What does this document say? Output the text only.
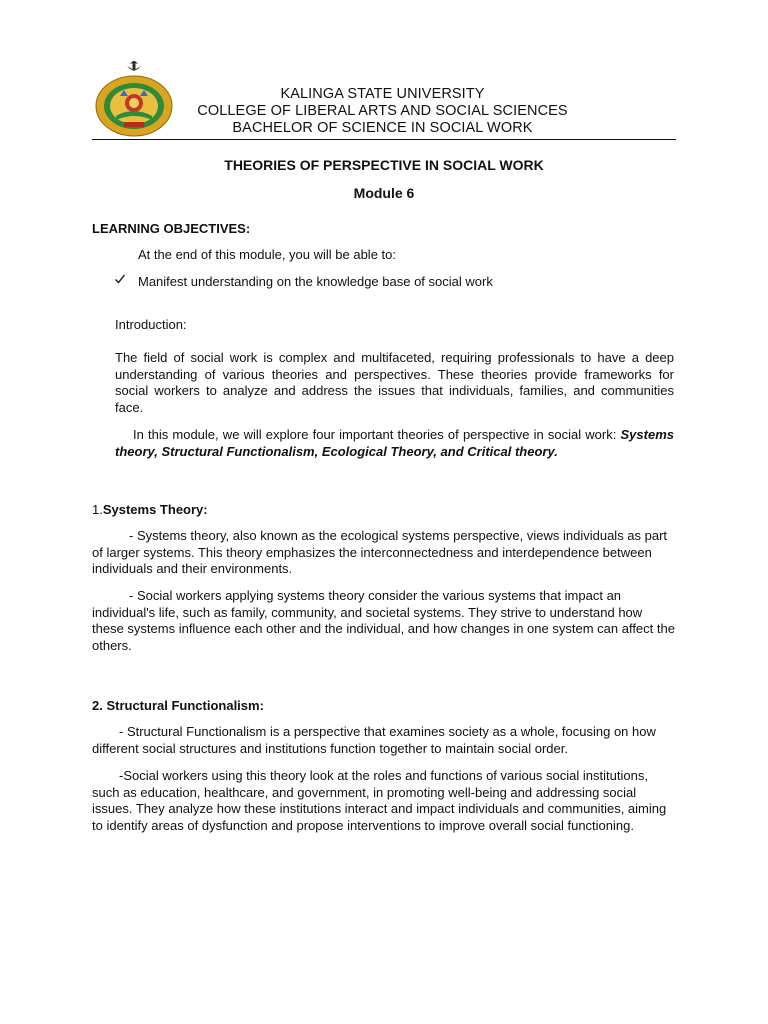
KALINGA STATE UNIVERSITY
COLLEGE OF LIBERAL ARTS AND SOCIAL SCIENCES
BACHELOR OF SCIENCE IN SOCIAL WORK
THEORIES OF PERSPECTIVE IN SOCIAL WORK
Module 6
LEARNING OBJECTIVES:
At the end of this module, you will be able to:
Manifest understanding on the knowledge base of social work
Introduction:
The field of social work is complex and multifaceted, requiring professionals to have a deep understanding of various theories and perspectives. These theories provide frameworks for social workers to analyze and address the issues that individuals, families, and communities face.
In this module, we will explore four important theories of perspective in social work: Systems theory, Structural Functionalism, Ecological Theory, and Critical theory.
1.Systems Theory:
- Systems theory, also known as the ecological systems perspective, views individuals as part of larger systems. This theory emphasizes the interconnectedness and interdependence between individuals and their environments.
- Social workers applying systems theory consider the various systems that impact an individual's life, such as family, community, and societal systems. They strive to understand how these systems influence each other and the individual, and how changes in one system can affect the others.
2. Structural Functionalism:
- Structural Functionalism is a perspective that examines society as a whole, focusing on how different social structures and institutions function together to maintain social order.
-Social workers using this theory look at the roles and functions of various social institutions, such as education, healthcare, and government, in promoting well-being and addressing social issues. They analyze how these institutions interact and impact individuals and communities, aiming to identify areas of dysfunction and propose interventions to improve overall social functioning.
